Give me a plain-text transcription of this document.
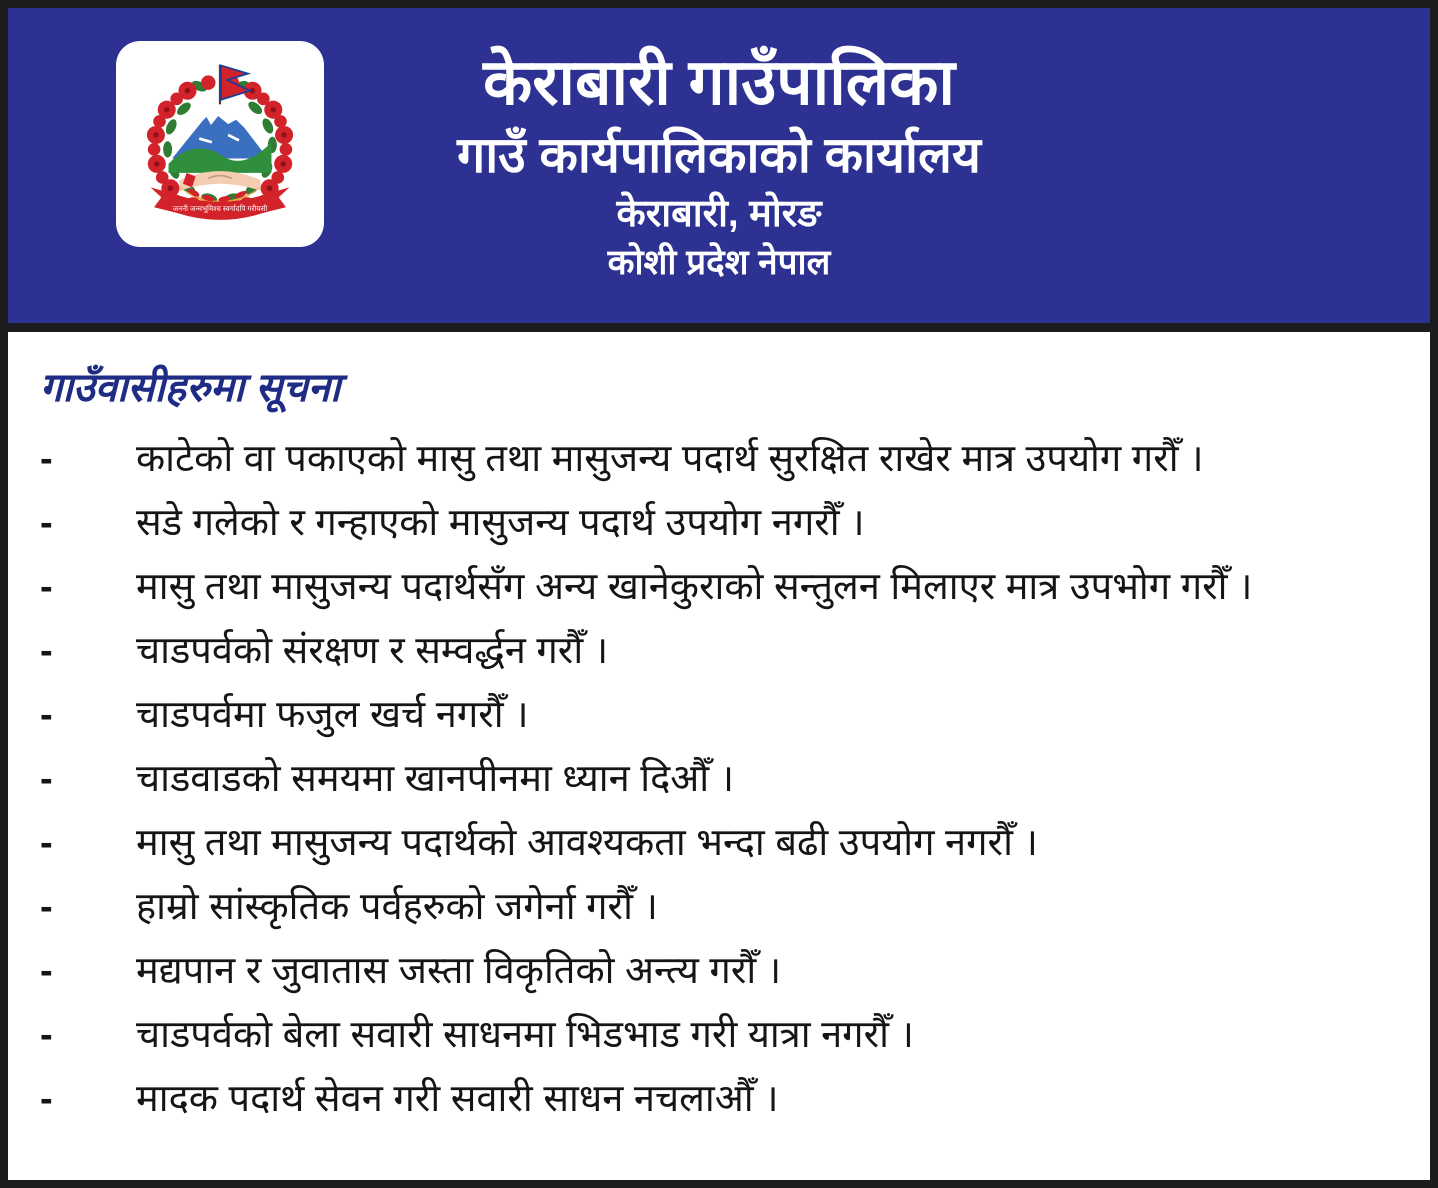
जननी जन्मभूमिश्च स्वर्गादपि गरीयसी
केराबारी गाउँपालिका
गाउँ कार्यपालिकाको कार्यालय
केराबारी, मोरङ
कोशी प्रदेश नेपाल
गाउँवासीहरुमा सूचना
-	काटेको वा पकाएको मासु तथा मासुजन्य पदार्थ सुरक्षित राखेर मात्र उपयोग गरौँ ।
-	सडे गलेको र गन्हाएको मासुजन्य पदार्थ उपयोग नगरौँ ।
-	मासु तथा मासुजन्य पदार्थसँग अन्य खानेकुराको सन्तुलन मिलाएर मात्र उपभोग गरौँ ।
-	चाडपर्वको संरक्षण र सम्वर्द्धन गरौँ ।
-	चाडपर्वमा फजुल खर्च नगरौँ ।
-	चाडवाडको समयमा खानपीनमा ध्यान दिऔँ ।
-	मासु तथा मासुजन्य पदार्थको आवश्यकता भन्दा बढी उपयोग नगरौँ ।
-	हाम्रो सांस्कृतिक पर्वहरुको जगेर्ना गरौँ ।
-	मद्यपान र जुवातास जस्ता विकृतिको अन्त्य गरौँ ।
-	चाडपर्वको बेला सवारी साधनमा भिडभाड गरी यात्रा नगरौँ ।
-	मादक पदार्थ सेवन गरी सवारी साधन नचलाऔँ ।
